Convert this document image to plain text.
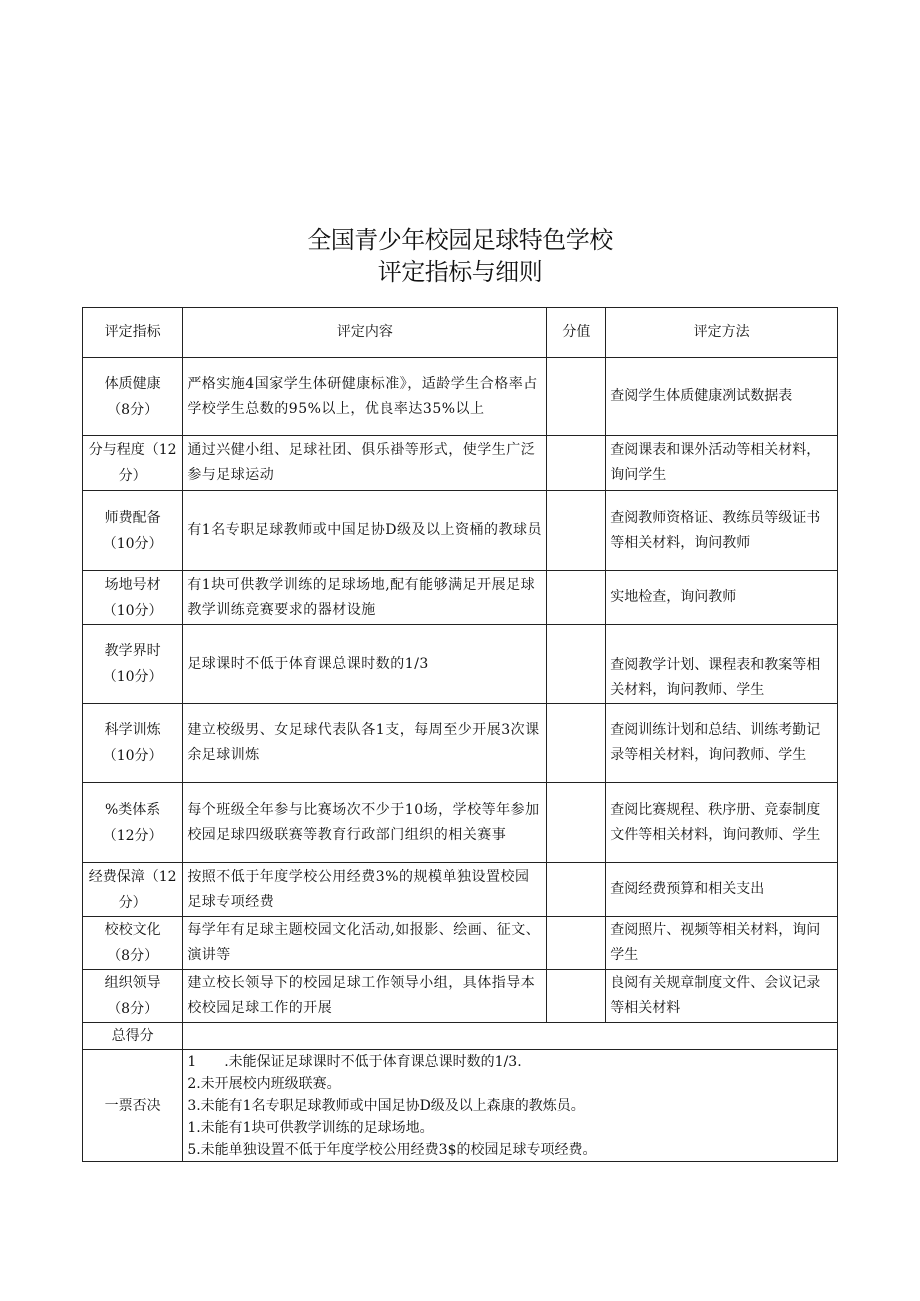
全国青少年校园足球特色学校
评定指标与细则
评定指标	评定内容	分值	评定方法

体质健康
（8分）	严格实施4国家学生体研健康标准》，适龄学生合格率占学校学生总数的95%以上，优良率达35%以上		查阅学生体质健康冽试数据表

分与程度（12
分）	通过兴健小组、足球社团、俱乐褂等形式，使学生广泛参与足球运动		查阅课表和课外活动等相关材料，询问学生

师费配备
（10分）	有1名专职足球教师或中国足协D级及以上资桶的教球员		查阅教师资格证、教练员等级证书等相关材料，询问教师

场地号材
（10分）	有1块可供教学训练的足球场地,配有能够满足开展足球教学训练竞赛要求的器材设施		实地检查，询问教师

教学界时
（10分）	足球课时不低于体育课总课时数的1/3		查阅教学计划、课程表和教案等相关材料，询问教师、学生

科学训炼
（10分）	建立校级男、女足球代表队各1支，每周至少开展3次课余足球训炼		查阅训练计划和总结、训练考勤记录等相关材料，询问教师、学生

%类体系
（12分）	每个班级全年参与比赛场次不少于10场，学校等年参加校园足球四级联赛等教育行政部门组织的相关赛事		查阅比赛规程、秩序册、竞泰制度文件等相关材料，询问教师、学生

经费保漳（12
分）	按照不低于年度学校公用经费3%的规模单独设置校园足球专项经费		查阅经费预算和相关支出

校校文化
（8分）	每学年有足球主题校园文化活动,如报影、绘画、征文、演讲等		查阅照片、视频等相关材料，询问学生

组织领导
（8分）	建立校长领导下的校园足球工作领导小组，具体指导本校校园足球工作的开展		良阅有关规章制度文件、会议记录等相关材料
总得分			
一票否决	1　　.未能保证足球课时不低于体育课总课时数的1/3.
2.未开展校内班级联赛。
3.未能有1名专职足球教师或中国足协D级及以上森康的教炼员。
1.未能有1块可供教学训练的足球场地。
5.未能单独设置不低于年度学校公用经费3$的校园足球专项经费。		
